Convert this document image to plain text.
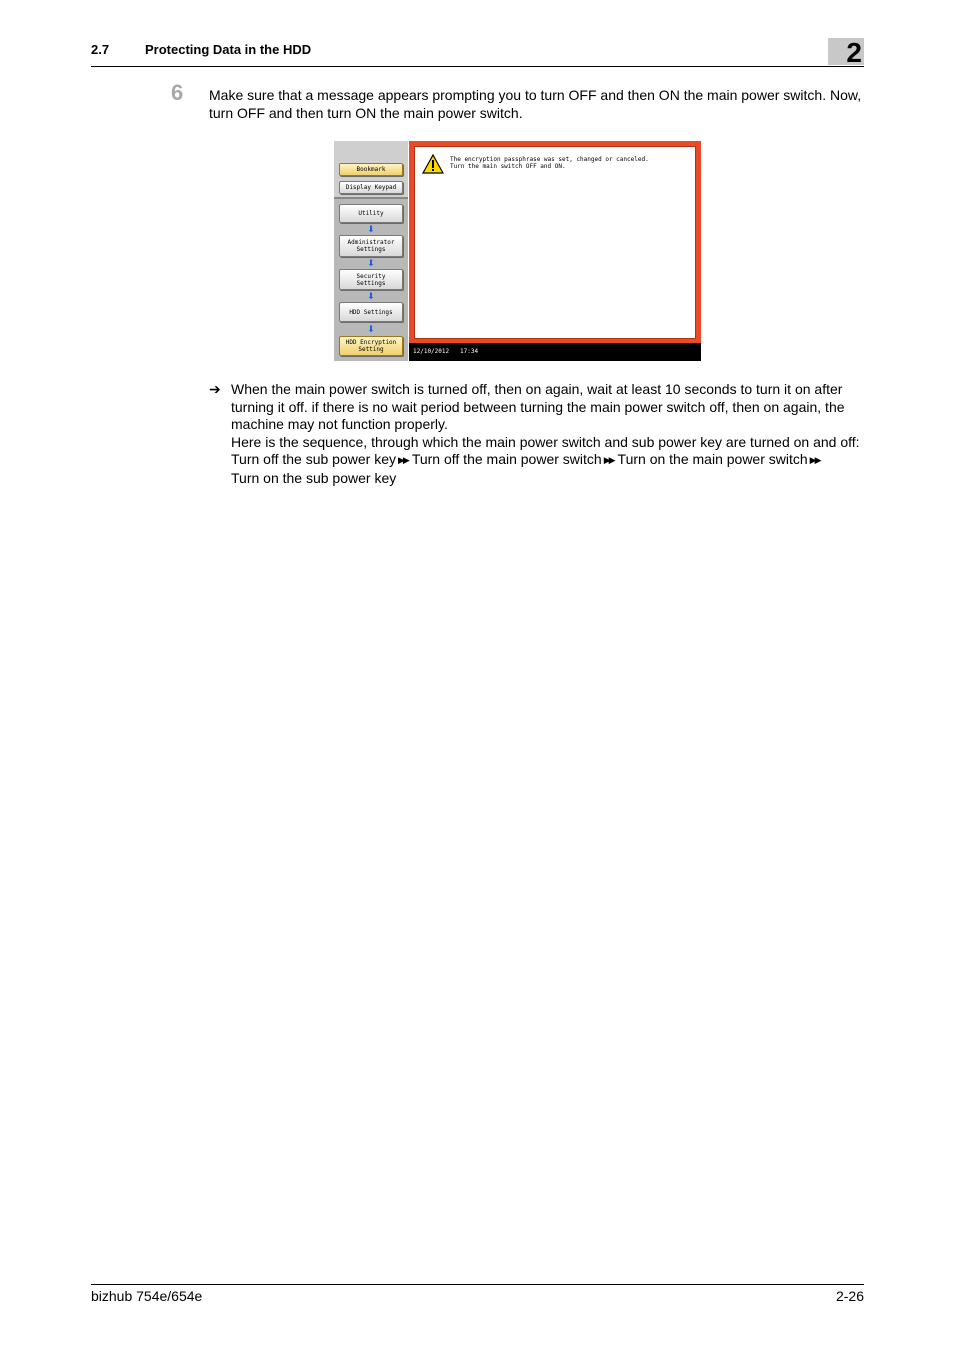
2.7	Protecting Data in the HDD	2
6 Make sure that a message appears prompting you to turn OFF and then ON the main power switch. Now, turn OFF and then turn ON the main power switch.
Bookmark
Display Keypad
Utility
⬇
Administrator
Settings
⬇
Security
Settings
⬇
HDD Settings
⬇
HDD Encryption
Setting
The encryption passphrase was set, changed or canceled.
Turn the main switch OFF and ON.
12/10/2012 17:34
➔ When the main power switch is turned off, then on again, wait at least 10 seconds to turn it on after turning it off. if there is no wait period between turning the main power switch off, then on again, the machine may not function properly.
Here is the sequence, through which the main power switch and sub power key are turned on and off:
Turn off the sub power key ▶▶ Turn off the main power switch ▶▶ Turn on the main power switch ▶▶
Turn on the sub power key
bizhub 754e/654e	2-26
